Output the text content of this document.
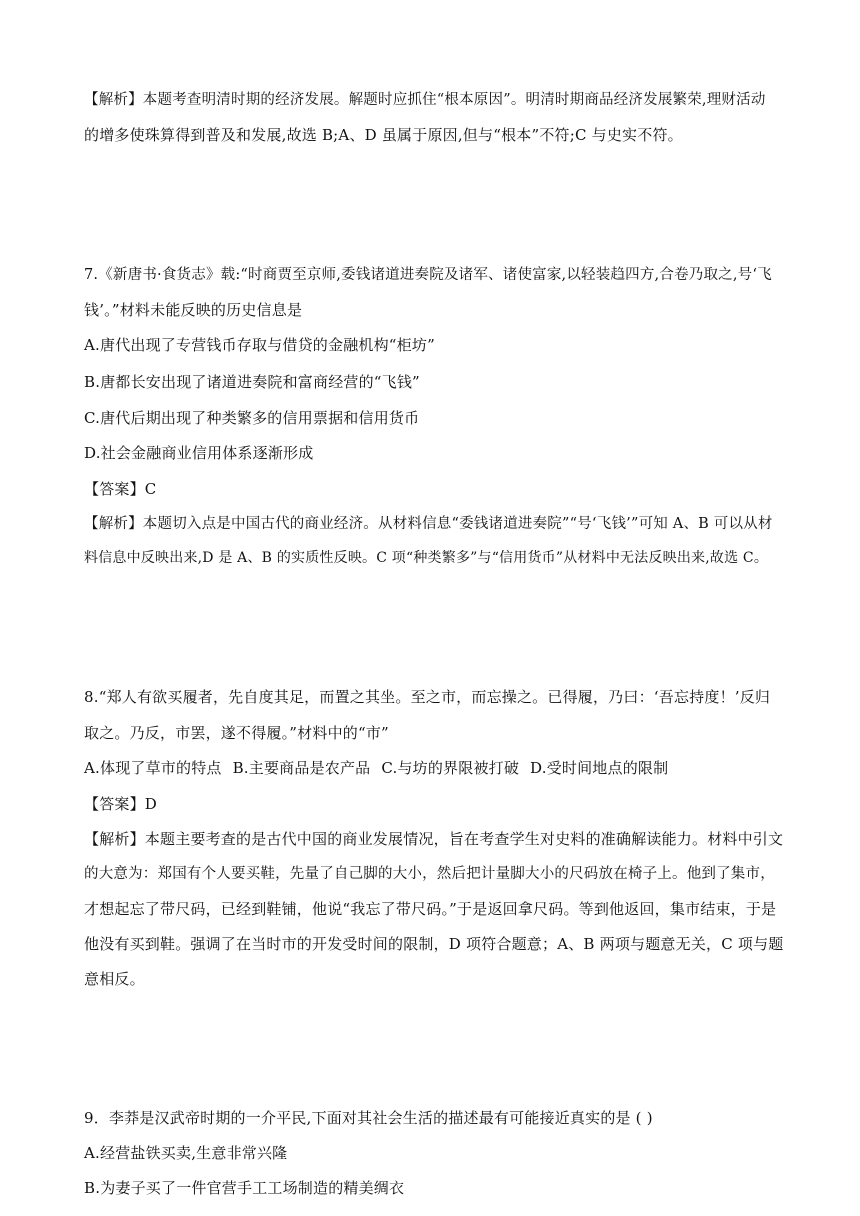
【解析】本题考查明清时期的经济发展。解题时应抓住“根本原因”。明清时期商品经济发展繁荣,理财活动
的增多使珠算得到普及和发展,故选 B;A、D 虽属于原因,但与“根本”不符;C 与史实不符。
7.《新唐书·食货志》载:“时商贾至京师,委钱诸道进奏院及诸军、诸使富家,以轻装趋四方,合卷乃取之,号‘飞
钱’。”材料未能反映的历史信息是
A.唐代出现了专营钱币存取与借贷的金融机构“柜坊”
B.唐都长安出现了诸道进奏院和富商经营的“飞钱”
C.唐代后期出现了种类繁多的信用票据和信用货币
D.社会金融商业信用体系逐渐形成
【答案】C
【解析】本题切入点是中国古代的商业经济。从材料信息“委钱诸道进奏院”“号‘飞钱’”可知 A、B 可以从材
料信息中反映出来,D 是 A、B 的实质性反映。C 项“种类繁多”与“信用货币”从材料中无法反映出来,故选 C。
8.“郑人有欲买履者，先自度其足，而置之其坐。至之市，而忘操之。已得履，乃曰：‘吾忘持度！’反归
取之。乃反，市罢，遂不得履。”材料中的“市”
A.体现了草市的特点 B.主要商品是农产品 C.与坊的界限被打破 D.受时间地点的限制
【答案】D
【解析】本题主要考查的是古代中国的商业发展情况，旨在考查学生对史料的准确解读能力。材料中引文
的大意为：郑国有个人要买鞋，先量了自己脚的大小，然后把计量脚大小的尺码放在椅子上。他到了集市，
才想起忘了带尺码，已经到鞋铺，他说“我忘了带尺码。”于是返回拿尺码。等到他返回，集市结束，于是
他没有买到鞋。强调了在当时市的开发受时间的限制，D 项符合题意；A、B 两项与题意无关，C 项与题
意相反。
9．李莽是汉武帝时期的一介平民,下面对其社会生活的描述最有可能接近真实的是 ( )
A.经营盐铁买卖,生意非常兴隆
B.为妻子买了一件官营手工工场制造的精美绸衣
